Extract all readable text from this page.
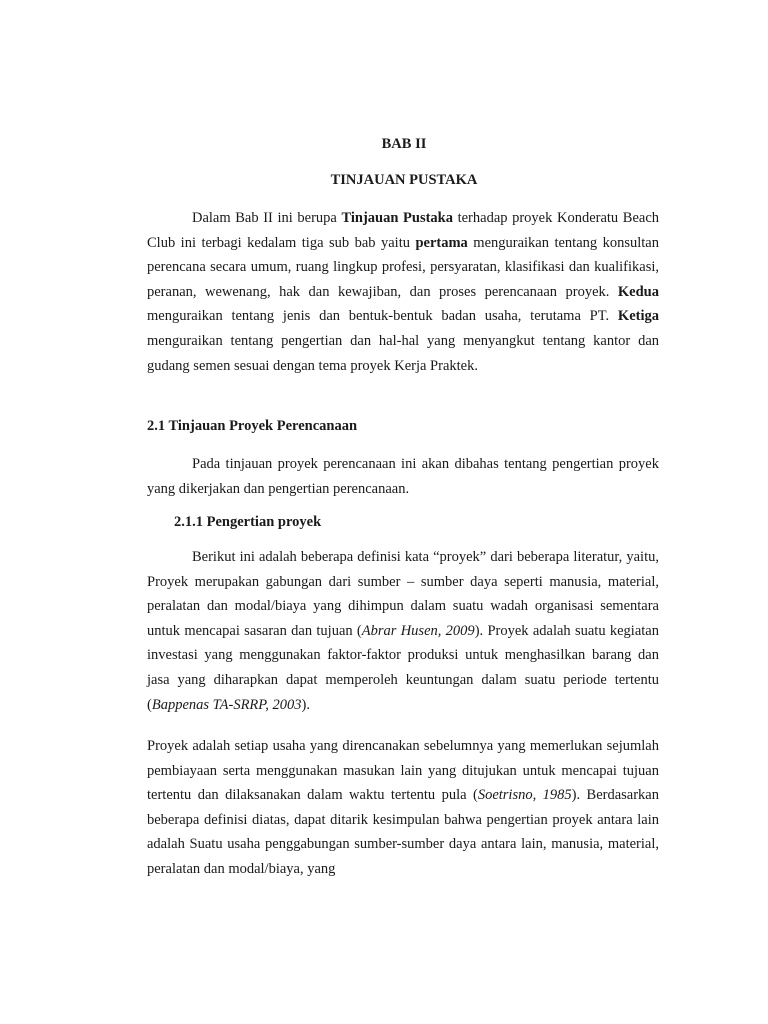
BAB II
TINJAUAN PUSTAKA

Dalam Bab II ini berupa Tinjauan Pustaka terhadap proyek Konderatu Beach Club ini terbagi kedalam tiga sub bab yaitu pertama menguraikan tentang konsultan perencana secara umum, ruang lingkup profesi, persyaratan, klasifikasi dan kualifikasi, peranan, wewenang, hak dan kewajiban, dan proses perencanaan proyek. Kedua menguraikan tentang jenis dan bentuk-bentuk badan usaha, terutama PT. Ketiga menguraikan tentang pengertian dan hal-hal yang menyangkut tentang kantor dan gudang semen sesuai dengan tema proyek Kerja Praktek.

2.1 Tinjauan Proyek Perencanaan

Pada tinjauan proyek perencanaan ini akan dibahas tentang pengertian proyek yang dikerjakan dan pengertian perencanaan.

2.1.1 Pengertian proyek

Berikut ini adalah beberapa definisi kata “proyek” dari beberapa literatur, yaitu, Proyek merupakan gabungan dari sumber – sumber daya seperti manusia, material, peralatan dan modal/biaya yang dihimpun dalam suatu wadah organisasi sementara untuk mencapai sasaran dan tujuan (Abrar Husen, 2009). Proyek adalah suatu kegiatan investasi yang menggunakan faktor-faktor produksi untuk menghasilkan barang dan jasa yang diharapkan dapat memperoleh keuntungan dalam suatu periode tertentu (Bappenas TA-SRRP, 2003).

Proyek adalah setiap usaha yang direncanakan sebelumnya yang memerlukan sejumlah pembiayaan serta menggunakan masukan lain yang ditujukan untuk mencapai tujuan tertentu dan dilaksanakan dalam waktu tertentu pula (Soetrisno, 1985). Berdasarkan beberapa definisi diatas, dapat ditarik kesimpulan bahwa pengertian proyek antara lain adalah Suatu usaha penggabungan sumber-sumber daya antara lain, manusia, material, peralatan dan modal/biaya, yang
